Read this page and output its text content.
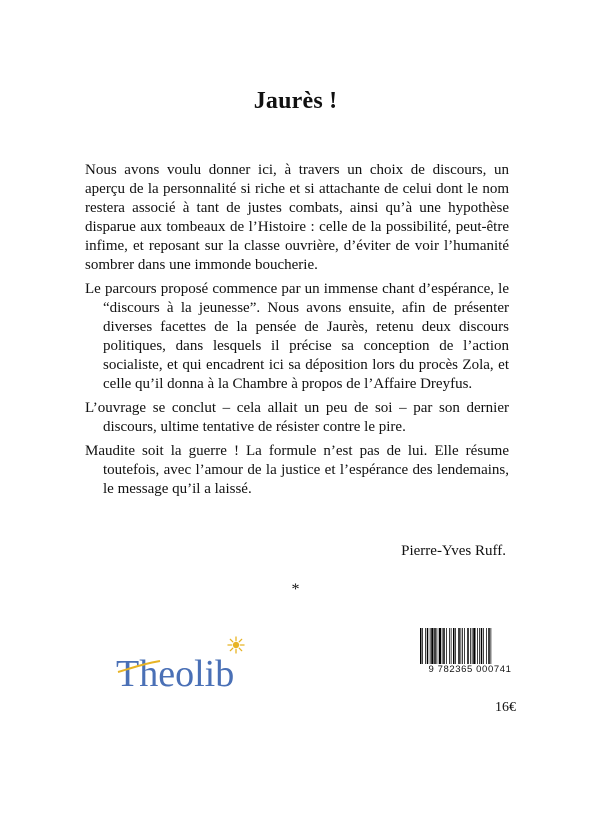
Jaurès !

Nous avons voulu donner ici, à travers un choix de discours, un aperçu de la personnalité si riche et si attachante de celui dont le nom restera associé à tant de justes combats, ainsi qu’à une hypothèse disparue aux tombeaux de l’Histoire : celle de la possibilité, peut-être infime, et reposant sur la classe ouvrière, d’éviter de voir l’humanité sombrer dans une immonde boucherie.

Le parcours proposé commence par un immense chant d’espérance, le “discours à la jeunesse”. Nous avons ensuite, afin de présenter diverses facettes de la pensée de Jaurès, retenu deux discours politiques, dans lesquels il précise sa conception de l’action socialiste, et qui encadrent ici sa déposition lors du procès Zola, et celle qu’il donna à la Chambre à propos de l’Affaire Dreyfus.

L’ouvrage se conclut – cela allait un peu de soi – par son dernier discours, ultime tentative de résister contre le pire.

Maudite soit la guerre ! La formule n’est pas de lui. Elle résume toutefois, avec l’amour de la justice et l’espérance des lendemains, le message qu’il a laissé.

Pierre-Yves Ruff.
*
Theolib	9 782365 000741
16€
